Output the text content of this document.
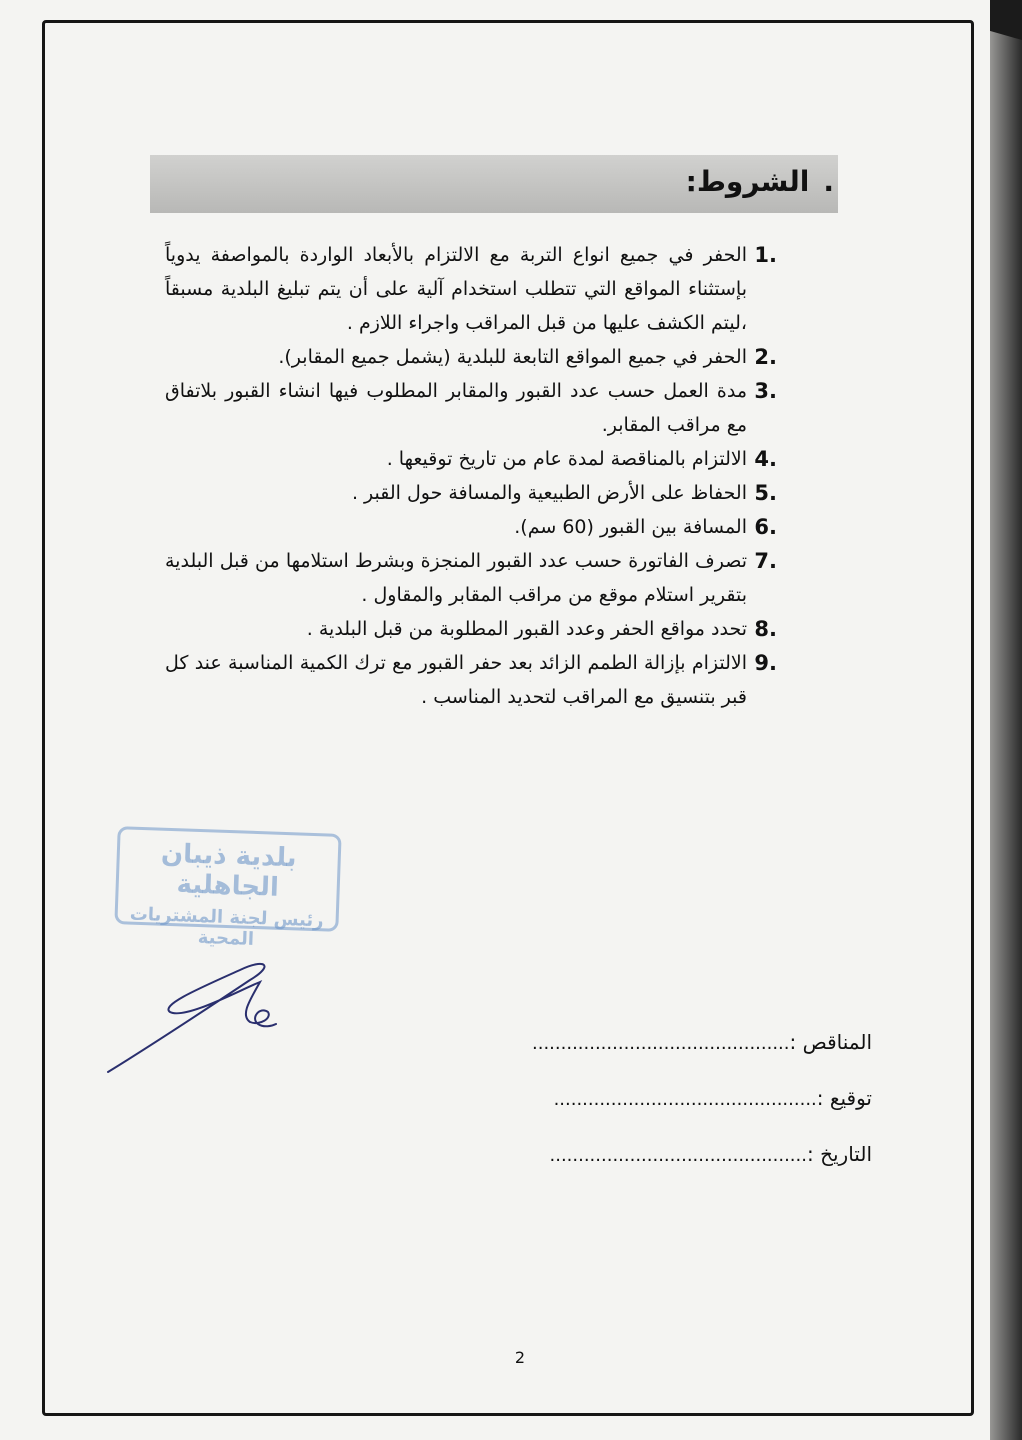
.الشروط:
1.
الحفر في جميع انواع التربة مع الالتزام بالأبعاد الواردة بالمواصفة يدوياً بإستثناء المواقع التي تتطلب استخدام آلية على أن يتم تبليغ البلدية مسبقاً ،ليتم الكشف عليها من قبل المراقب واجراء اللازم .
2.
الحفر في جميع المواقع التابعة للبلدية (يشمل جميع المقابر).
3.
مدة العمل حسب عدد القبور والمقابر المطلوب فيها انشاء القبور بلاتفاق مع مراقب المقابر.
4.
الالتزام بالمناقصة لمدة عام من تاريخ توقيعها .
5.
الحفاظ على الأرض الطبيعية والمسافة حول القبر .
6.
المسافة بين القبور (60 سم).
7.
تصرف الفاتورة حسب عدد القبور المنجزة وبشرط استلامها من قبل البلدية بتقرير استلام موقع من مراقب المقابر والمقاول .
8.
تحدد مواقع الحفر وعدد القبور المطلوبة من قبل البلدية .
9.
الالتزام بإزالة الطمم الزائد بعد حفر القبور مع ترك الكمية المناسبة عند كل قبر بتنسيق مع المراقب لتحديد المناسب .
بلدية ذيبان الجاهلية
رئيس لجنة المشتريات المحية
المناقص :.............................................
توقيع :..............................................
التاريخ :.............................................
2
